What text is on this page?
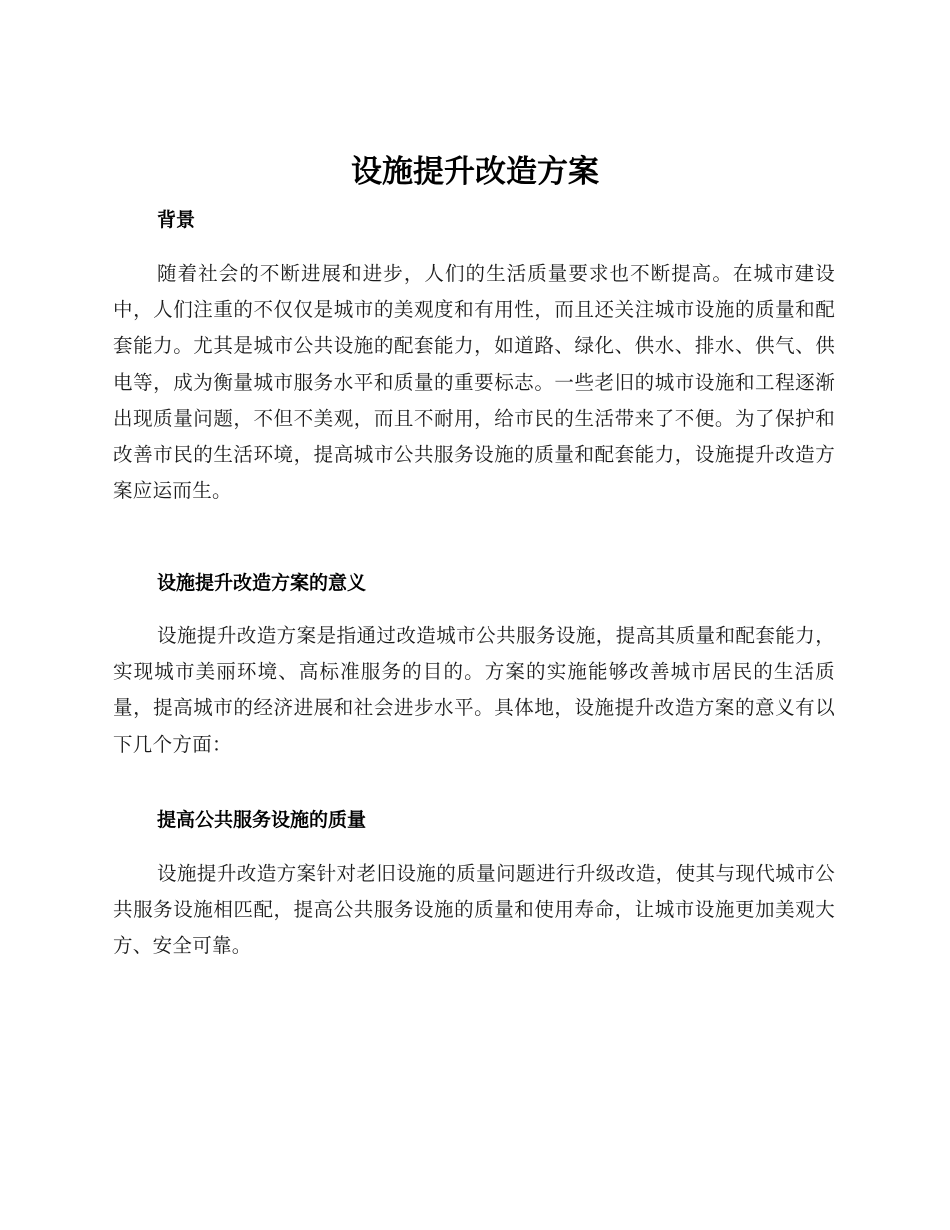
设施提升改造方案
背景

随着社会的不断进展和进步，人们的生活质量要求也不断提高。在城市建设中，人们注重的不仅仅是城市的美观度和有用性，而且还关注城市设施的质量和配套能力。尤其是城市公共设施的配套能力，如道路、绿化、供水、排水、供气、供电等，成为衡量城市服务水平和质量的重要标志。一些老旧的城市设施和工程逐渐出现质量问题，不但不美观，而且不耐用，给市民的生活带来了不便。为了保护和改善市民的生活环境，提高城市公共服务设施的质量和配套能力，设施提升改造方案应运而生。

设施提升改造方案的意义

设施提升改造方案是指通过改造城市公共服务设施，提高其质量和配套能力，实现城市美丽环境、高标准服务的目的。方案的实施能够改善城市居民的生活质量，提高城市的经济进展和社会进步水平。具体地，设施提升改造方案的意义有以下几个方面：

提高公共服务设施的质量

设施提升改造方案针对老旧设施的质量问题进行升级改造，使其与现代城市公共服务设施相匹配，提高公共服务设施的质量和使用寿命，让城市设施更加美观大方、安全可靠。
